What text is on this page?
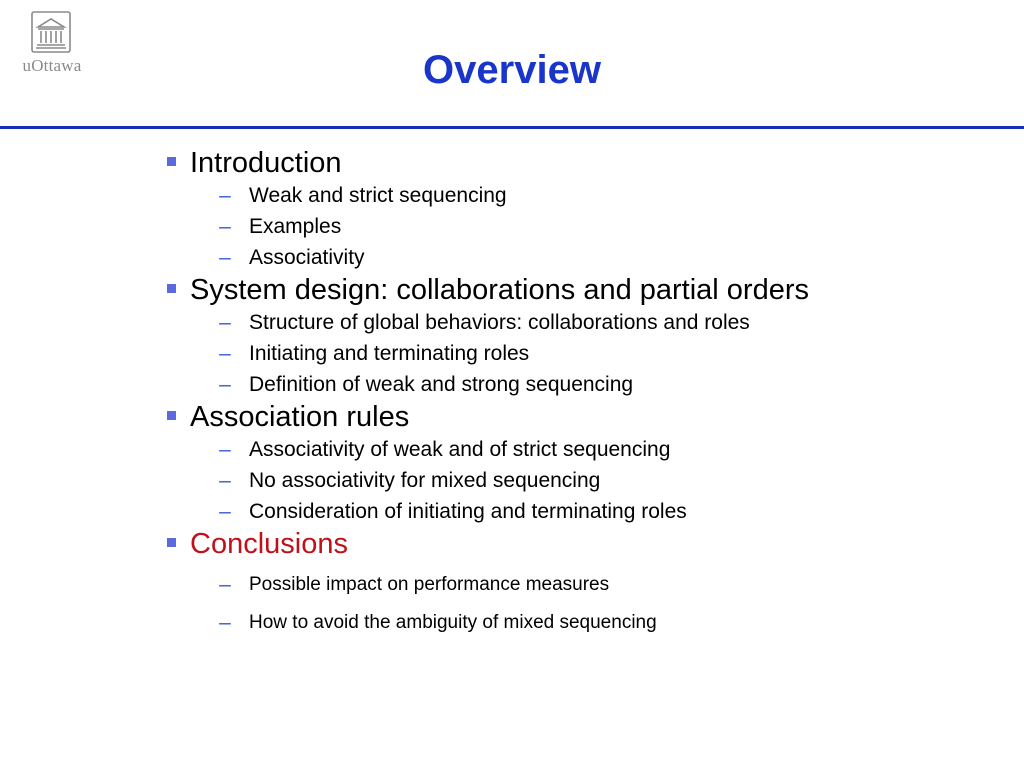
uOttawa	Overview
Introduction
– Weak and strict sequencing
– Examples
– Associativity
System design: collaborations and partial orders
– Structure of global behaviors: collaborations and roles
– Initiating and terminating roles
– Definition of weak and strong sequencing
Association rules
– Associativity of weak and of strict sequencing
– No associativity for mixed sequencing
– Consideration of initiating and terminating roles
Conclusions
– Possible impact on performance measures
– How to avoid the ambiguity of mixed sequencing
